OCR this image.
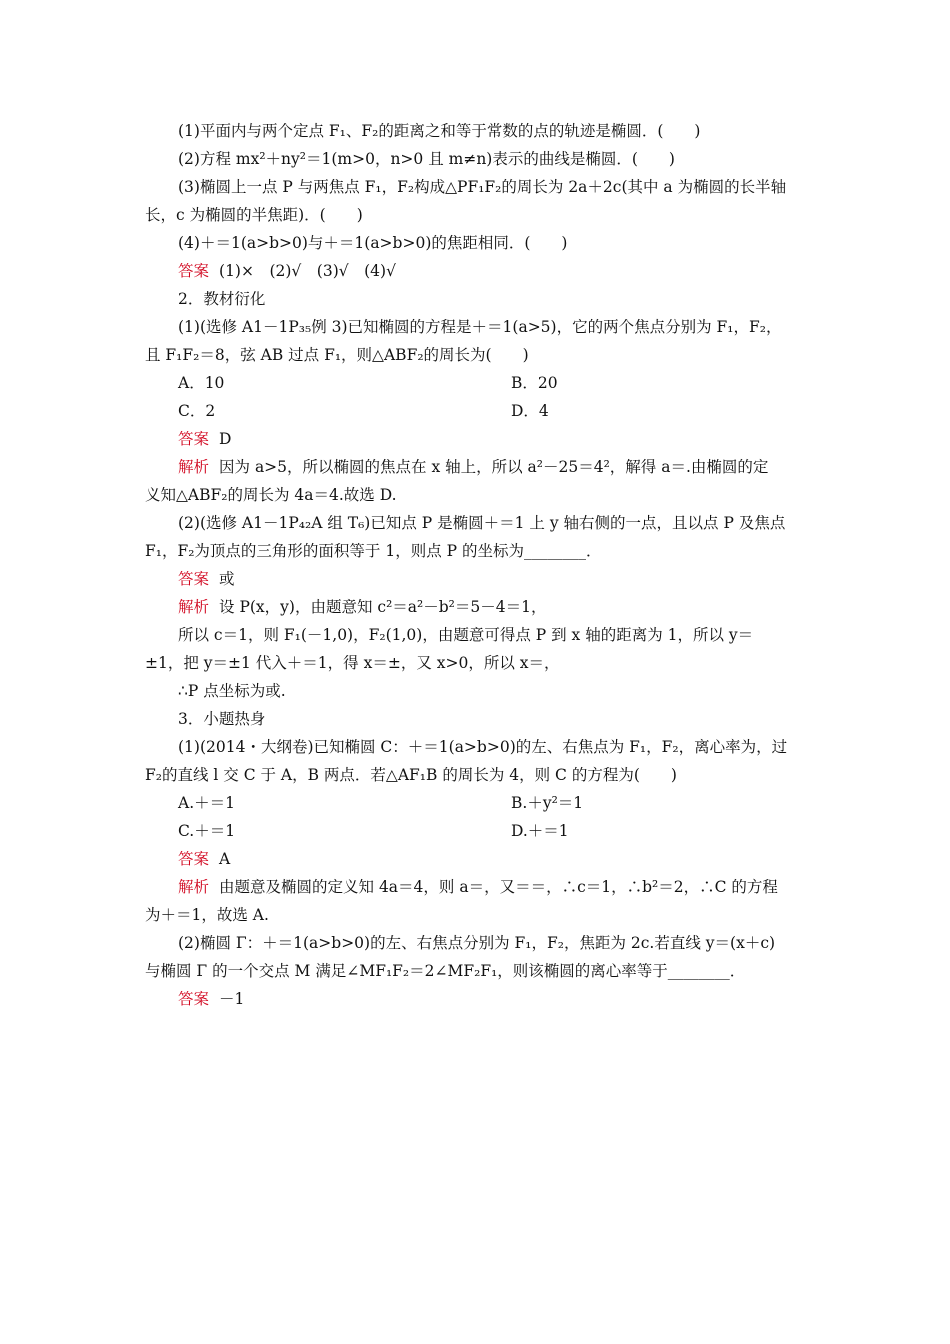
(1)平面内与两个定点 F₁、F₂的距离之和等于常数的点的轨迹是椭圆．(　　)
(2)方程 mx²＋ny²＝1(m>0，n>0 且 m≠n)表示的曲线是椭圆．(　　)
(3)椭圆上一点 P 与两焦点 F₁，F₂构成△PF₁F₂的周长为 2a＋2c(其中 a 为椭圆的长半轴
长，c 为椭圆的半焦距)．(　　)
(4)＋＝1(a>b>0)与＋＝1(a>b>0)的焦距相同．(　　)
答案 (1)×　(2)√　(3)√　(4)√
2．教材衍化
(1)(选修 A1－1P₃₅例 3)已知椭圆的方程是＋＝1(a>5)，它的两个焦点分别为 F₁，F₂，
且 F₁F₂＝8，弦 AB 过点 F₁，则△ABF₂的周长为(　　)
A．10	B．20
C．2	D．4
答案 D
解析 因为 a>5，所以椭圆的焦点在 x 轴上，所以 a²－25＝4²，解得 a＝.由椭圆的定
义知△ABF₂的周长为 4a＝4.故选 D.
(2)(选修 A1－1P₄₂A 组 T₆)已知点 P 是椭圆＋＝1 上 y 轴右侧的一点，且以点 P 及焦点
F₁，F₂为顶点的三角形的面积等于 1，则点 P 的坐标为________．
答案 或
解析 设 P(x，y)，由题意知 c²＝a²－b²＝5－4＝1，
所以 c＝1，则 F₁(－1,0)，F₂(1,0)，由题意可得点 P 到 x 轴的距离为 1，所以 y＝
±1，把 y＝±1 代入＋＝1，得 x＝±，又 x>0，所以 x＝，
∴P 点坐标为或.
3．小题热身
(1)(2014・大纲卷)已知椭圆 C：＋＝1(a>b>0)的左、右焦点为 F₁，F₂，离心率为，过
F₂的直线 l 交 C 于 A，B 两点．若△AF₁B 的周长为 4，则 C 的方程为(　　)
A.＋＝1	B.＋y²＝1
C.＋＝1	D.＋＝1
答案 A
解析 由题意及椭圆的定义知 4a＝4，则 a＝，又＝＝，∴c＝1，∴b²＝2，∴C 的方程
为＋＝1，故选 A.
(2)椭圆 Γ：＋＝1(a>b>0)的左、右焦点分别为 F₁，F₂，焦距为 2c.若直线 y＝(x＋c)
与椭圆 Γ 的一个交点 M 满足∠MF₁F₂＝2∠MF₂F₁，则该椭圆的离心率等于________．
答案 －1
